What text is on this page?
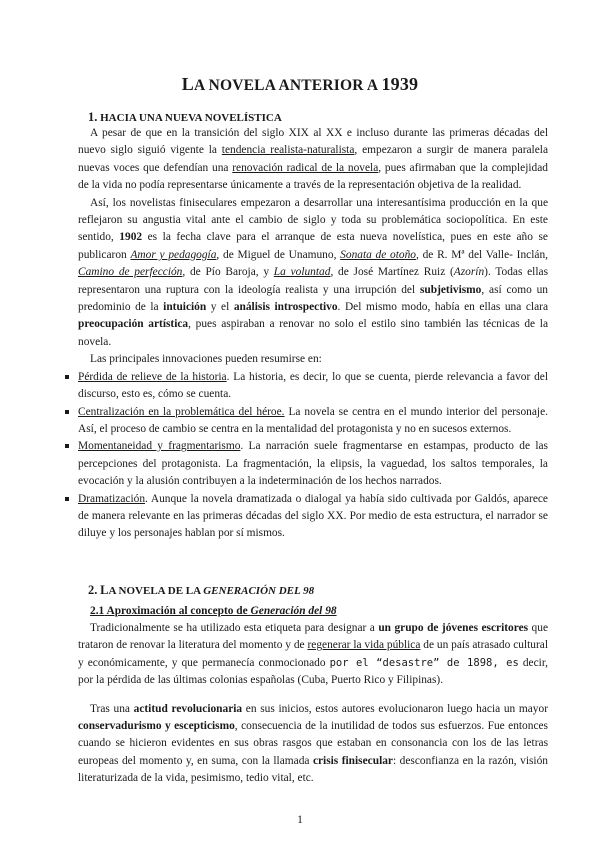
LA NOVELA ANTERIOR A 1939
1. HACIA UNA NUEVA NOVELÍSTICA

A pesar de que en la transición del siglo XIX al XX e incluso durante las primeras décadas del nuevo siglo siguió vigente la tendencia realista-naturalista, empezaron a surgir de manera paralela nuevas voces que defendían una renovación radical de la novela, pues afirmaban que la complejidad de la vida no podía representarse únicamente a través de la representación objetiva de la realidad.

Así, los novelistas finiseculares empezaron a desarrollar una interesantísima producción en la que reflejaron su angustia vital ante el cambio de siglo y toda su problemática sociopolítica. En este sentido, 1902 es la fecha clave para el arranque de esta nueva novelística, pues en este año se publicaron Amor y pedagogía, de Miguel de Unamuno, Sonata de otoño, de R. Mª del Valle- Inclán, Camino de perfección, de Pío Baroja, y La voluntad, de José Martínez Ruiz (Azorín). Todas ellas representaron una ruptura con la ideología realista y una irrupción del subjetivismo, así como un predominio de la intuición y el análisis introspectivo. Del mismo modo, había en ellas una clara preocupación artística, pues aspiraban a renovar no solo el estilo sino también las técnicas de la novela.

Las principales innovaciones pueden resumirse en:

Pérdida de relieve de la historia. La historia, es decir, lo que se cuenta, pierde relevancia a favor del discurso, esto es, cómo se cuenta.
Centralización en la problemática del héroe. La novela se centra en el mundo interior del personaje. Así, el proceso de cambio se centra en la mentalidad del protagonista y no en sucesos externos.
Momentaneidad y fragmentarismo. La narración suele fragmentarse en estampas, producto de las percepciones del protagonista. La fragmentación, la elipsis, la vaguedad, los saltos temporales, la evocación y la alusión contribuyen a la indeterminación de los hechos narrados.
Dramatización. Aunque la novela dramatizada o dialogal ya había sido cultivada por Galdós, aparece de manera relevante en las primeras décadas del siglo XX. Por medio de esta estructura, el narrador se diluye y los personajes hablan por sí mismos.
2. LA NOVELA DE LA GENERACIÓN DEL 98
2.1 Aproximación al concepto de Generación del 98

Tradicionalmente se ha utilizado esta etiqueta para designar a un grupo de jóvenes escritores que trataron de renovar la literatura del momento y de regenerar la vida pública de un país atrasado cultural y económicamente, y que permanecía conmocionado por el “desastre” de 1898, es decir, por la pérdida de las últimas colonias españolas (Cuba, Puerto Rico y Filipinas).

Tras una actitud revolucionaria en sus inicios, estos autores evolucionaron luego hacia un mayor conservadurismo y escepticismo, consecuencia de la inutilidad de todos sus esfuerzos. Fue entonces cuando se hicieron evidentes en sus obras rasgos que estaban en consonancia con los de las letras europeas del momento y, en suma, con la llamada crisis finisecular: desconfianza en la razón, visión literaturizada de la vida, pesimismo, tedio vital, etc.

1
